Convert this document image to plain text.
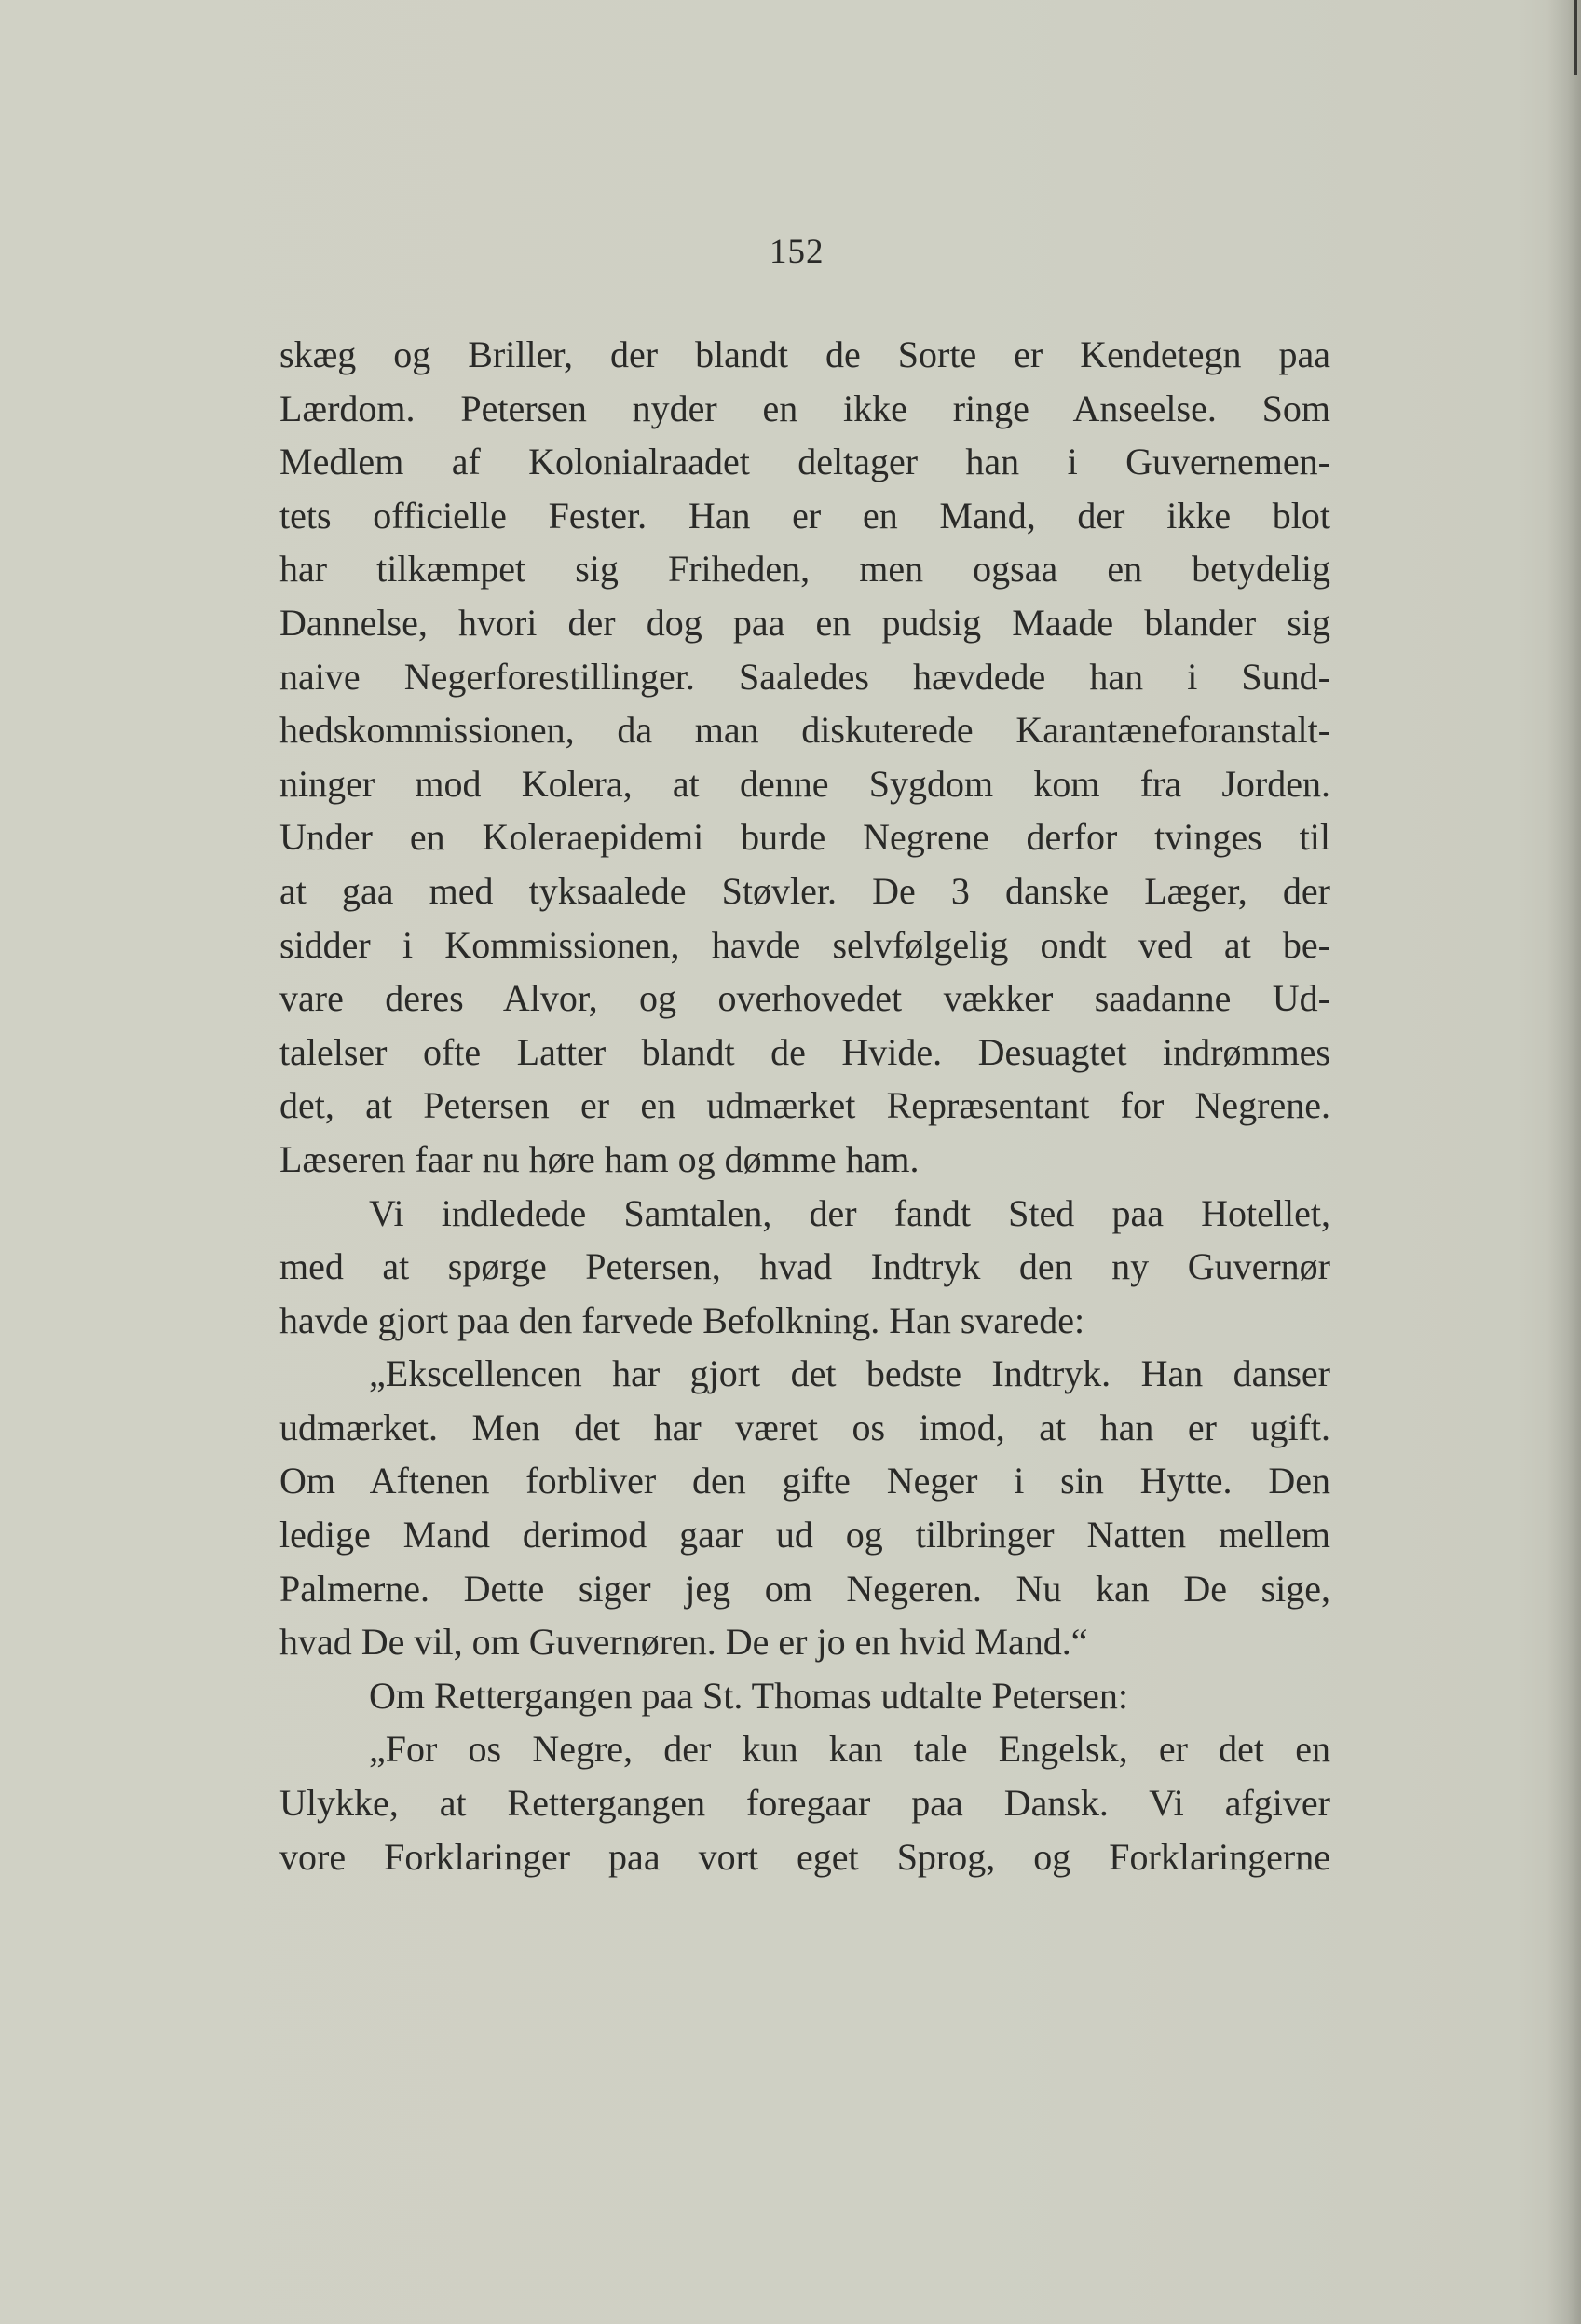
152
skæg og Briller, der blandt de Sorte er Kendetegn paa
Lærdom. Petersen nyder en ikke ringe Anseelse. Som
Medlem af Kolonialraadet deltager han i Guvernemen-
tets officielle Fester. Han er en Mand, der ikke blot
har tilkæmpet sig Friheden, men ogsaa en betydelig
Dannelse, hvori der dog paa en pudsig Maade blander sig
naive Negerforestillinger. Saaledes hævdede han i Sund-
hedskommissionen, da man diskuterede Karantæneforanstalt-
ninger mod Kolera, at denne Sygdom kom fra Jorden.
Under en Koleraepidemi burde Negrene derfor tvinges til
at gaa med tyksaalede Støvler. De 3 danske Læger, der
sidder i Kommissionen, havde selvfølgelig ondt ved at be-
vare deres Alvor, og overhovedet vækker saadanne Ud-
talelser ofte Latter blandt de Hvide. Desuagtet indrømmes
det, at Petersen er en udmærket Repræsentant for Negrene.
Læseren faar nu høre ham og dømme ham.
Vi indledede Samtalen, der fandt Sted paa Hotellet,
med at spørge Petersen, hvad Indtryk den ny Guvernør
havde gjort paa den farvede Befolkning. Han svarede:
„Ekscellencen har gjort det bedste Indtryk. Han danser
udmærket. Men det har været os imod, at han er ugift.
Om Aftenen forbliver den gifte Neger i sin Hytte. Den
ledige Mand derimod gaar ud og tilbringer Natten mellem
Palmerne. Dette siger jeg om Negeren. Nu kan De sige,
hvad De vil, om Guvernøren. De er jo en hvid Mand.“
Om Rettergangen paa St. Thomas udtalte Petersen:
„For os Negre, der kun kan tale Engelsk, er det en
Ulykke, at Rettergangen foregaar paa Dansk. Vi afgiver
vore Forklaringer paa vort eget Sprog, og Forklaringerne
